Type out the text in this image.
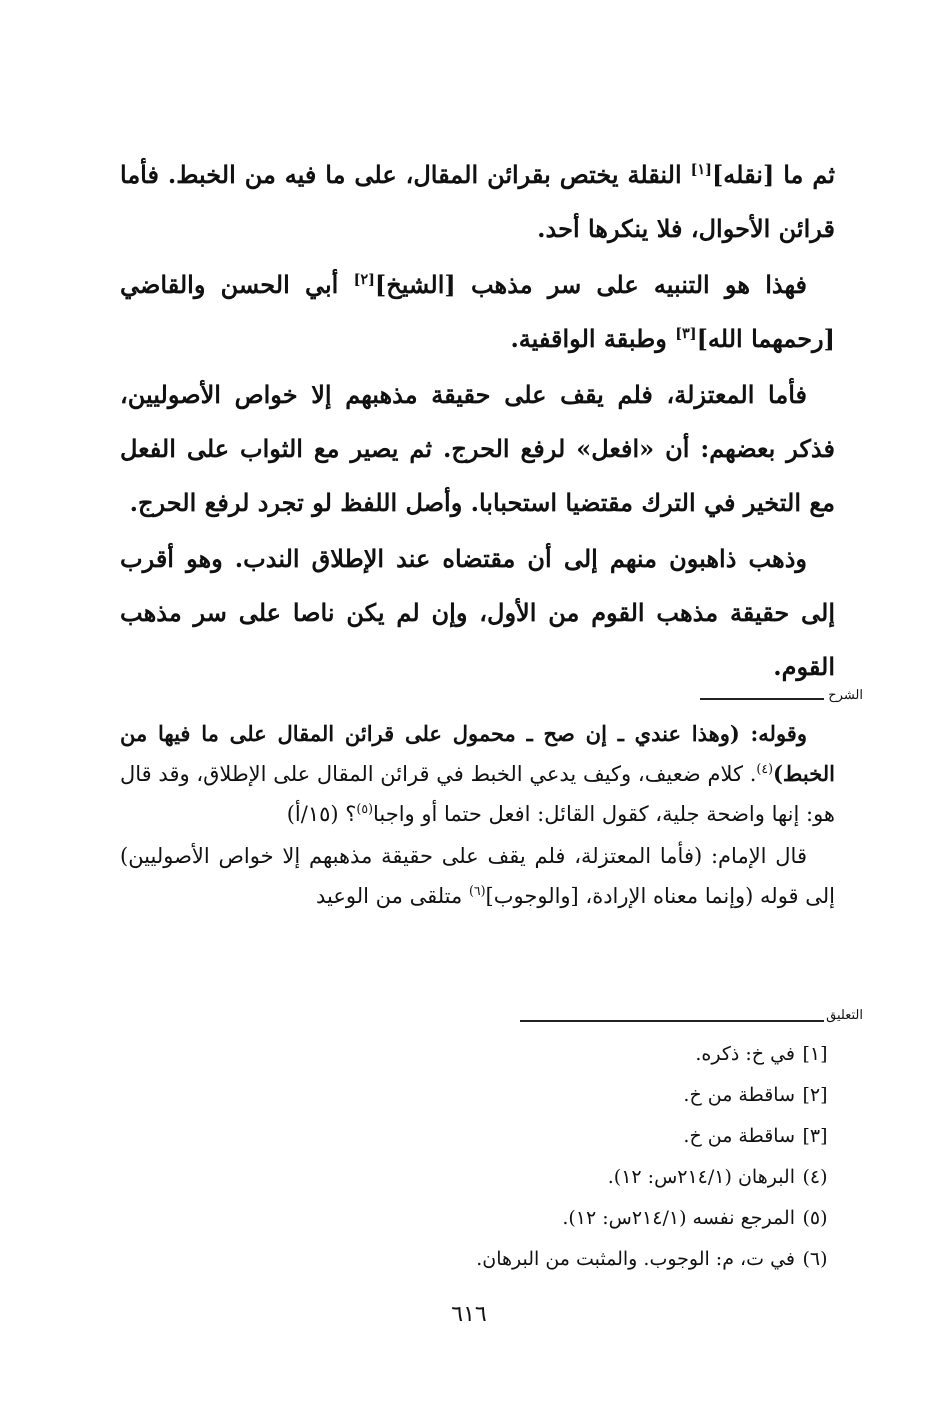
ثم ما [نقله][١] النقلة يختص بقرائن المقال، على ما فيه من الخبط. فأما قرائن الأحوال، فلا ينكرها أحد.

فهذا هو التنبيه على سر مذهب [الشيخ][٢] أبي الحسن والقاضي [رحمهما الله][٣] وطبقة الواقفية.

فأما المعتزلة، فلم يقف على حقيقة مذهبهم إلا خواص الأصوليين، فذكر بعضهم: أن «افعل» لرفع الحرج. ثم يصير مع الثواب على الفعل مع التخير في الترك مقتضيا استحبابا. وأصل اللفظ لو تجرد لرفع الحرج.

وذهب ذاهبون منهم إلى أن مقتضاه عند الإطلاق الندب. وهو أقرب إلى حقيقة مذهب القوم من الأول، وإن لم يكن ناصا على سر مذهب القوم.

الشرح

وقوله: (وهذا عندي ـ إن صح ـ محمول على قرائن المقال على ما فيها من الخبط)$^{(٤)}$. كلام ضعيف، وكيف يدعي الخبط في قرائن المقال على الإطلاق، وقد قال هو: إنها واضحة جلية، كقول القائل: افعل حتما أو واجبا$^{(٥)}$؟ (١٥/أ)

قال الإمام: (فأما المعتزلة، فلم يقف على حقيقة مذهبهم إلا خواص الأصوليين) إلى قوله (وإنما معناه الإرادة، [والوجوب]$^{(٦)}$ متلقى من الوعيد

التعليق
[١]في خ: ذكره.
[٢]ساقطة من خ.
[٣]ساقطة من خ.
(٤)البرهان (٢١٤/١س: ١٢).
(٥)المرجع نفسه (٢١٤/١س: ١٢).
(٦)في ت، م: الوجوب. والمثبت من البرهان.
٦١٦
